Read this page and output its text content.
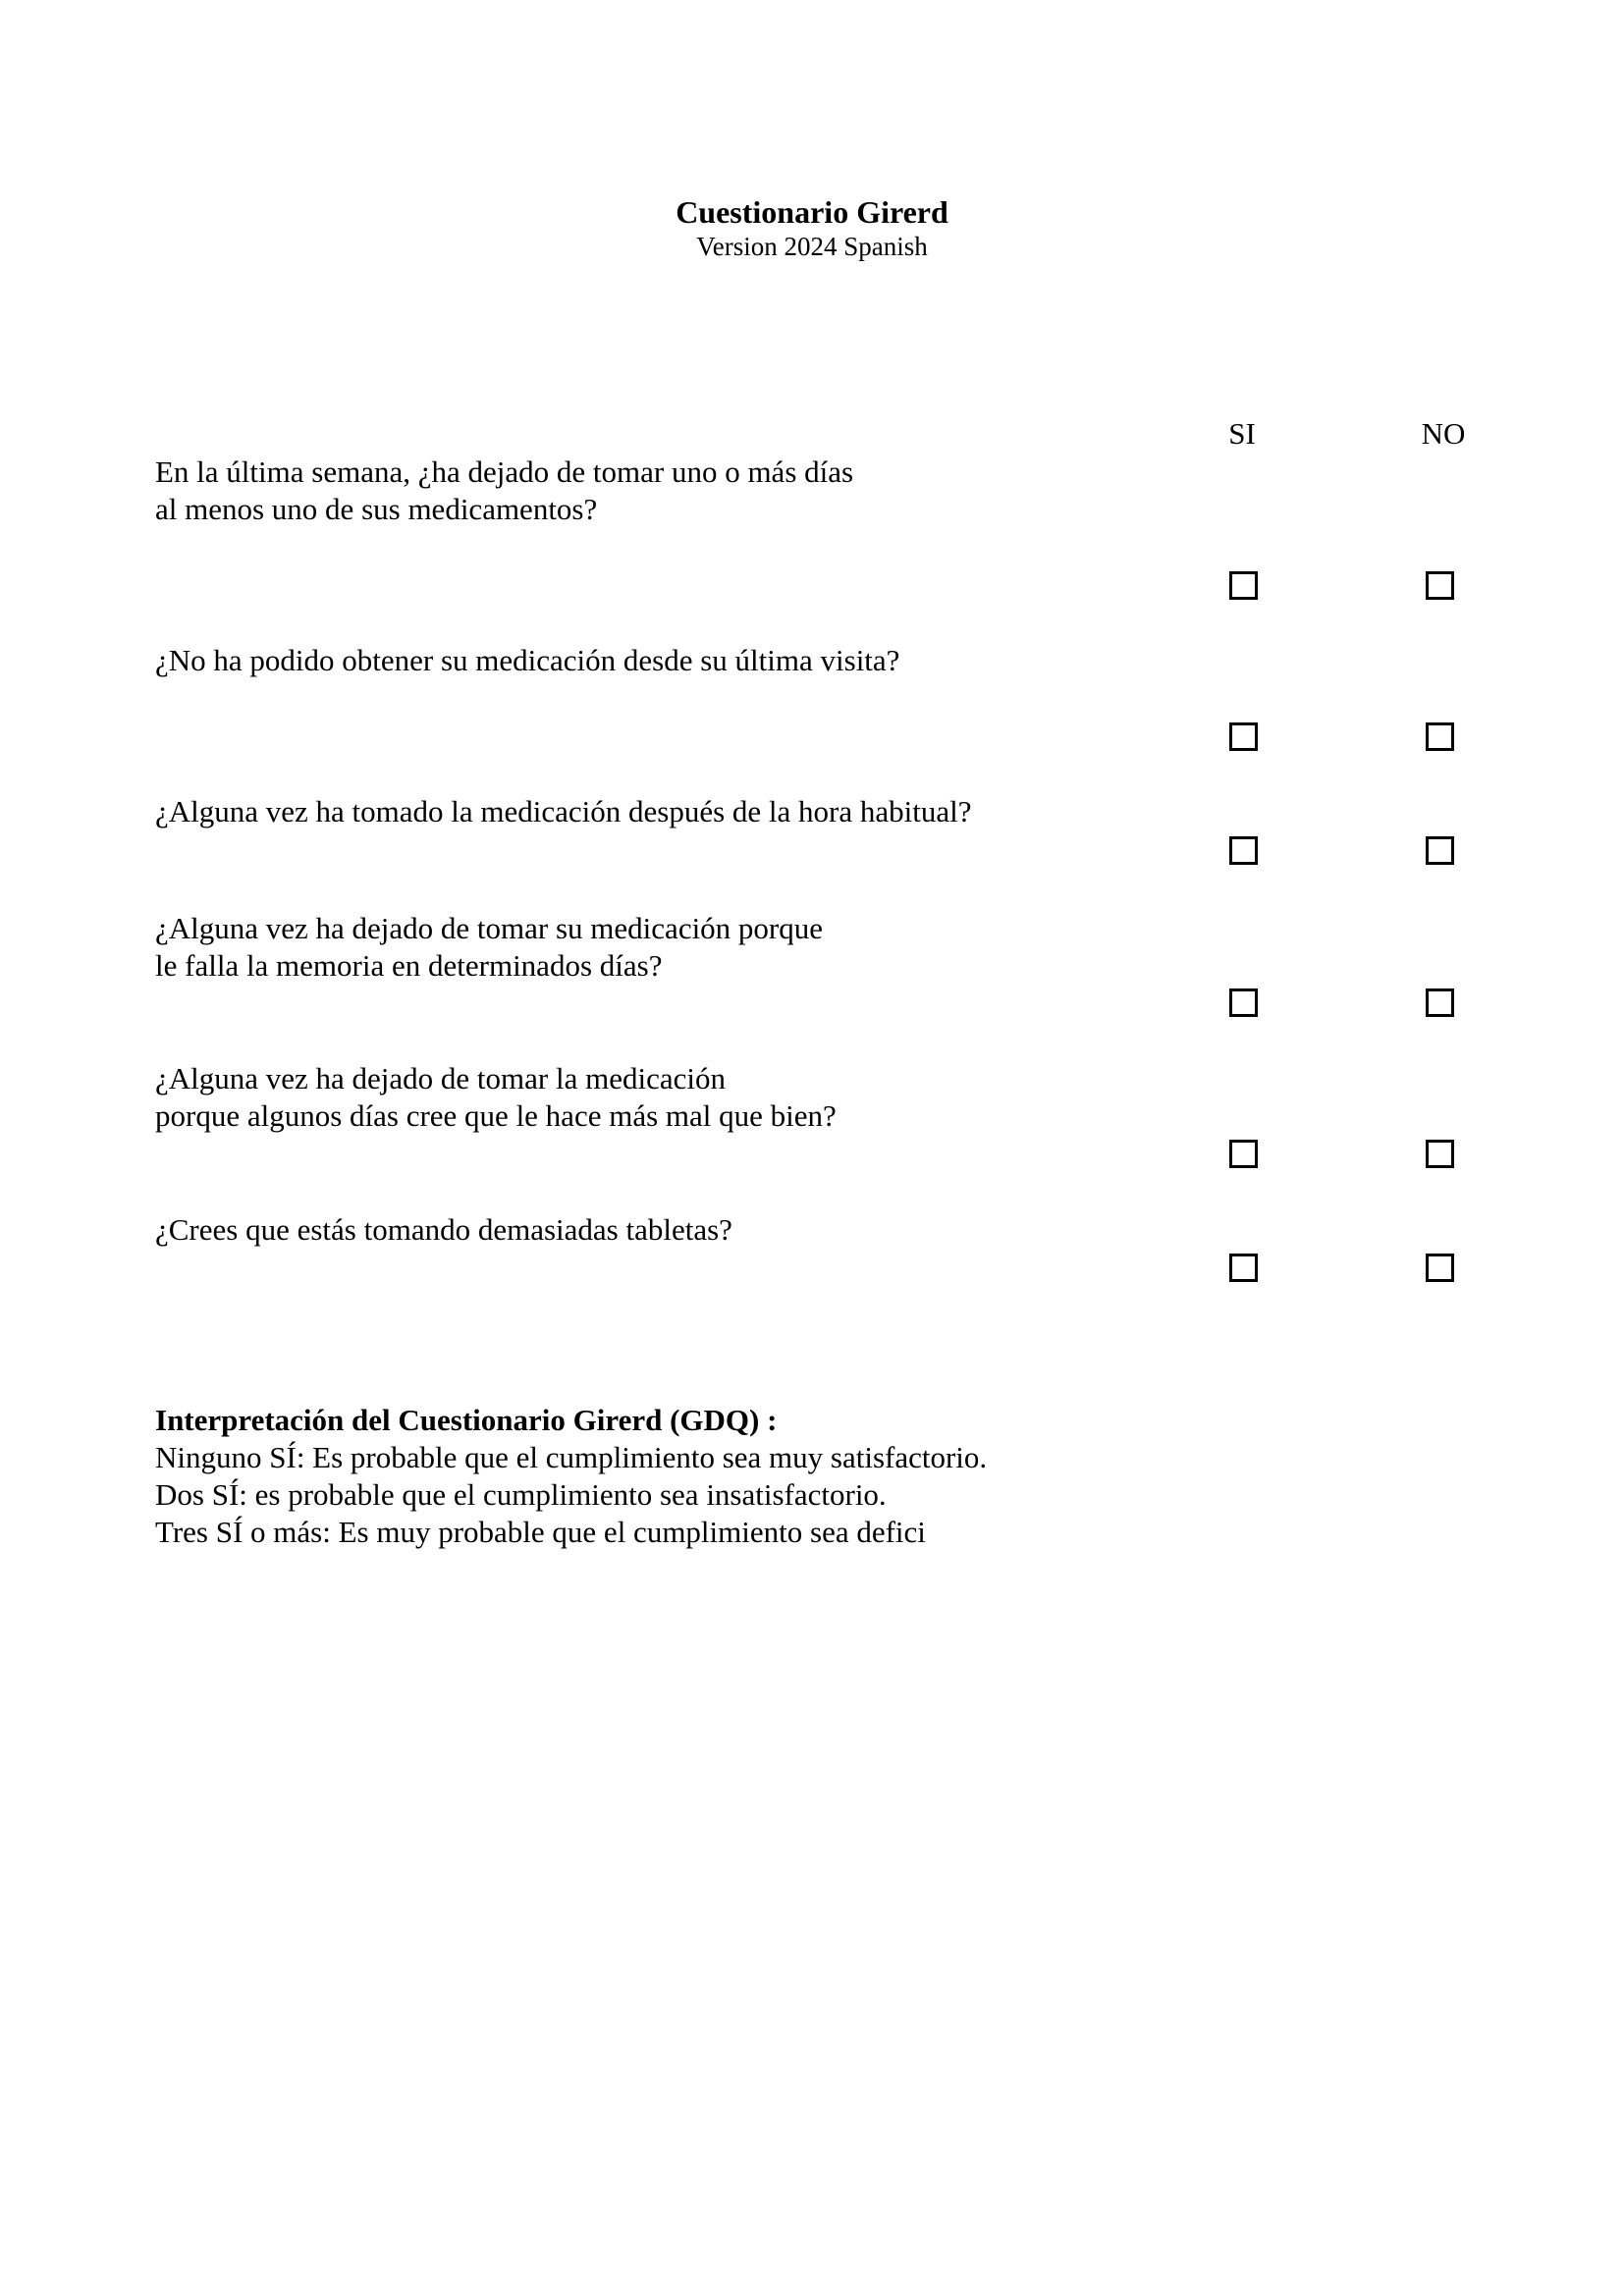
Cuestionario Girerd
Version 2024 Spanish
SI	NO
En la última semana, ¿ha dejado de tomar uno o más días
al menos uno de sus medicamentos?
¿No ha podido obtener su medicación desde su última visita?
¿Alguna vez ha tomado la medicación después de la hora habitual?
¿Alguna vez ha dejado de tomar su medicación porque
le falla la memoria en determinados días?
¿Alguna vez ha dejado de tomar la medicación
porque algunos días cree que le hace más mal que bien?
¿Crees que estás tomando demasiadas tabletas?
Interpretación del Cuestionario Girerd (GDQ) :
Ninguno SÍ: Es probable que el cumplimiento sea muy satisfactorio.
Dos SÍ: es probable que el cumplimiento sea insatisfactorio.
Tres SÍ o más: Es muy probable que el cumplimiento sea defici
